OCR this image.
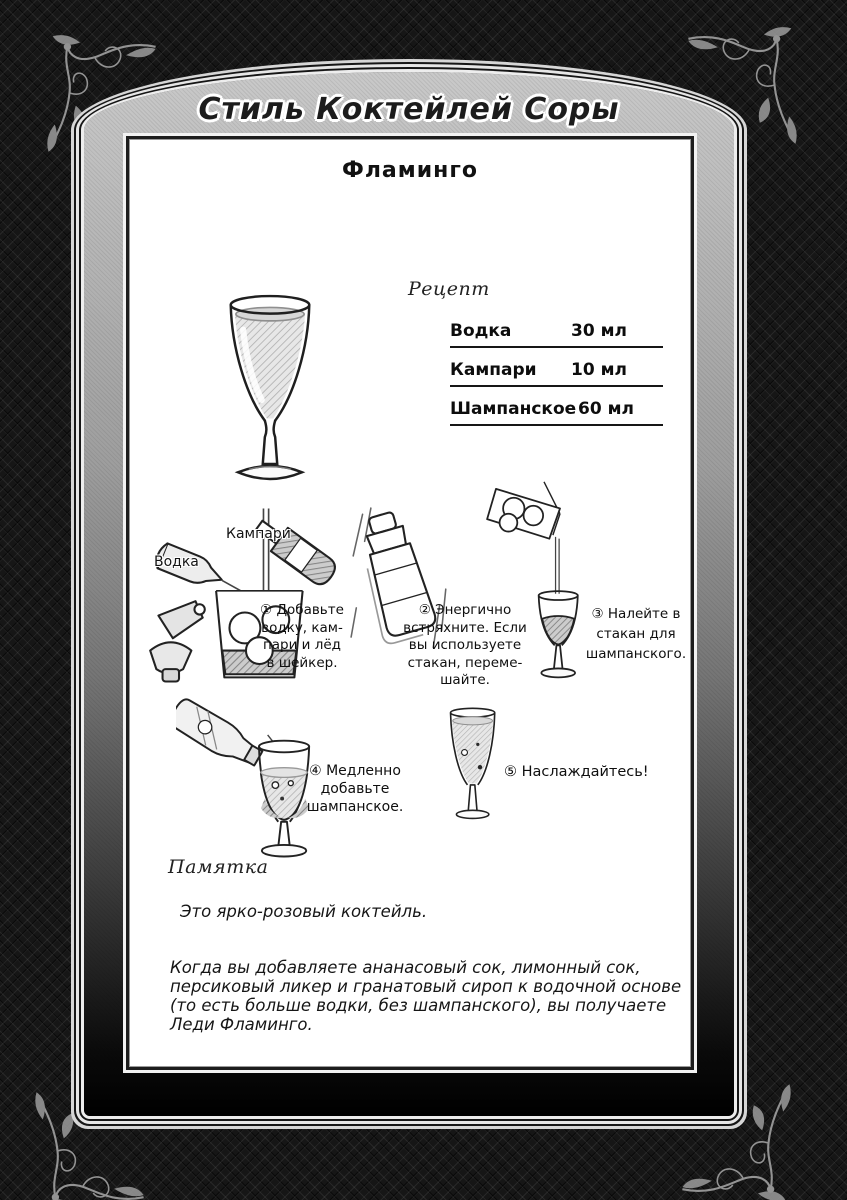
Стиль Коктейлей Соры
Фламинго
Рецепт
Водка	30 мл
Кампари 10 мл
Шампанское 60 мл
Водка
Кампари
① Добавьте
водку, кам-
пари и лёд
в шейкер.
② Энергично
встряхните. Если
вы используете
стакан, переме-
шайте.
③ Налейте в
стакан для
шампанского.
④ Медленно
добавьте
шампанское.
⑤ Наслаждайтесь!
Памятка
Это ярко-розовый коктейль.
Когда вы добавляете ананасовый сок, лимонный сок,
персиковый ликер и гранатовый сироп к водочной основе
(то есть больше водки, без шампанского), вы получаете
Леди Фламинго.
